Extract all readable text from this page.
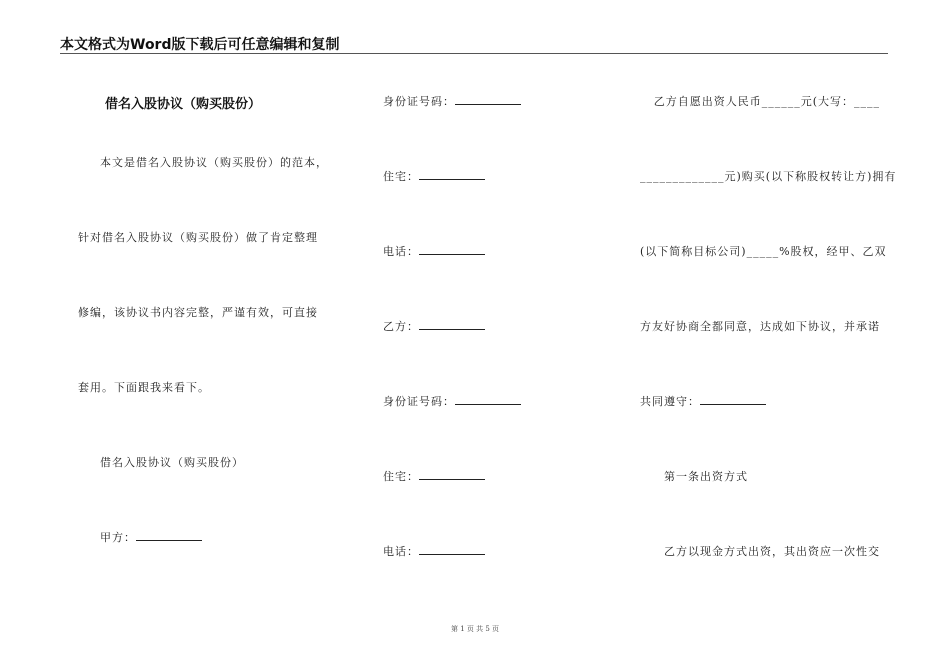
本文格式为Word版下载后可任意编辑和复制
借名入股协议（购买股份）
本文是借名入股协议（购买股份）的范本，
针对借名入股协议（购买股份）做了肯定整理
修编，该协议书内容完整，严谨有效，可直接
套用。下面跟我来看下。
借名入股协议（购买股份）
甲方：
身份证号码：
住宅：
电话：
乙方：
身份证号码：
住宅：
电话：
乙方自愿出资人民币______元(大写：____
_____________元)购买(以下称股权转让方)拥有
(以下简称目标公司)_____%股权，经甲、乙双
方友好协商全都同意，达成如下协议，并承诺
共同遵守：
第一条出资方式
乙方以现金方式出资，其出资应一次性交
第 1 页 共 5 页
